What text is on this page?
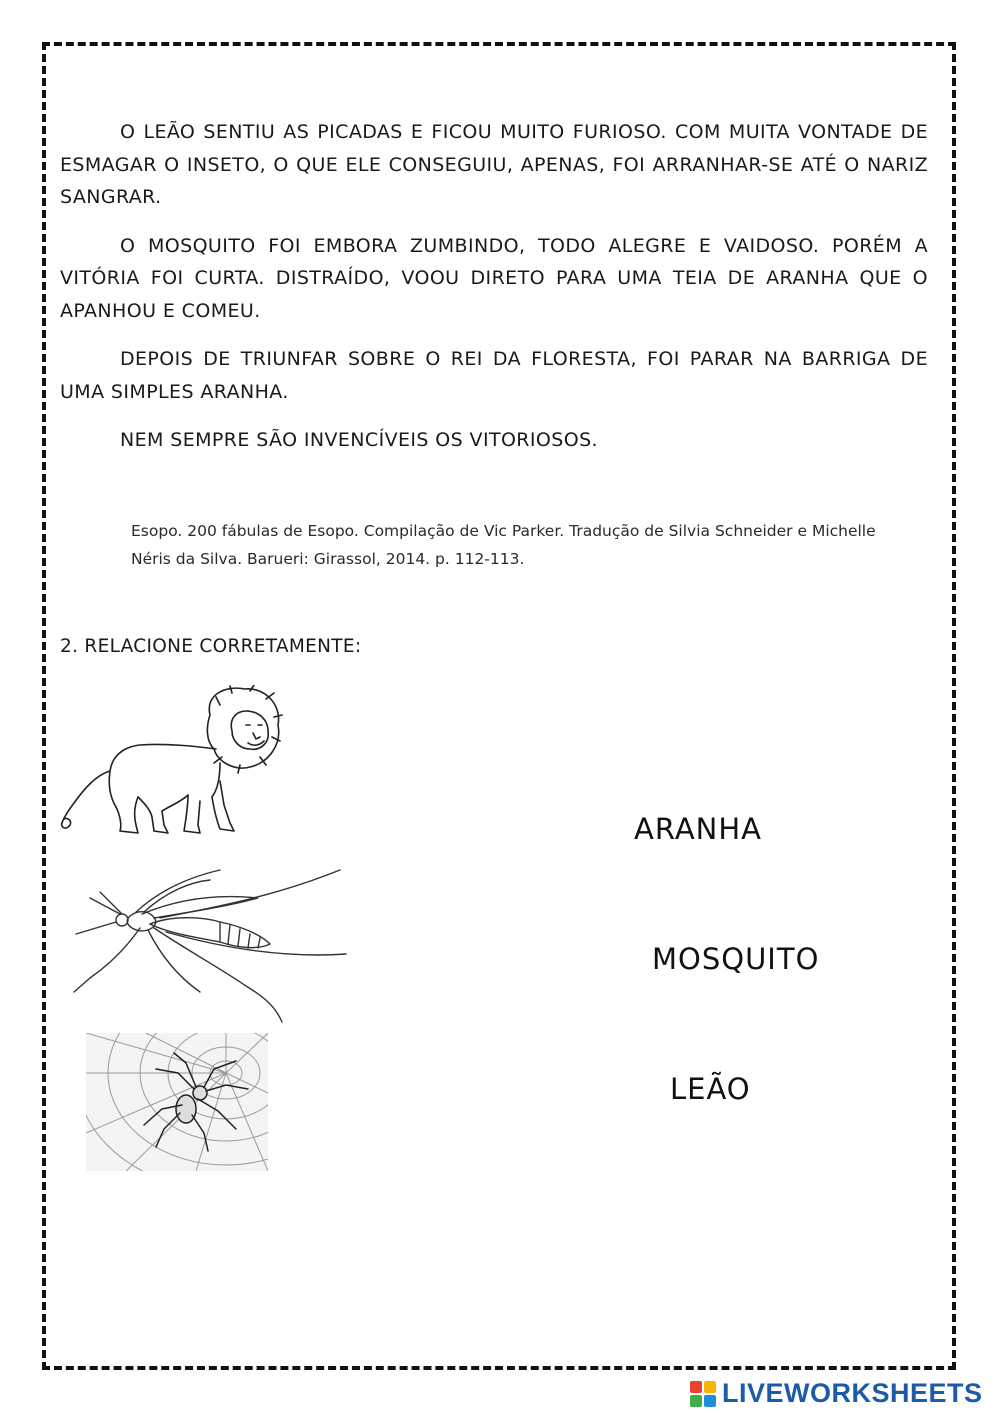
O LEÃO SENTIU AS PICADAS E FICOU MUITO FURIOSO. COM MUITA VONTADE DE ESMAGAR O INSETO, O QUE ELE CONSEGUIU, APENAS, FOI ARRANHAR-SE ATÉ O NARIZ SANGRAR.

O MOSQUITO FOI EMBORA ZUMBINDO, TODO ALEGRE E VAIDOSO. PORÉM A VITÓRIA FOI CURTA. DISTRAÍDO, VOOU DIRETO PARA UMA TEIA DE ARANHA QUE O APANHOU E COMEU.

DEPOIS DE TRIUNFAR SOBRE O REI DA FLORESTA, FOI PARAR NA BARRIGA DE UMA SIMPLES ARANHA.

NEM SEMPRE SÃO INVENCÍVEIS OS VITORIOSOS.

Esopo. 200 fábulas de Esopo. Compilação de Vic Parker. Tradução de Silvia Schneider e Michelle
Néris da Silva. Barueri: Girassol, 2014. p. 112-113.
2. RELACIONE CORRETAMENTE:
ARANHA
MOSQUITO
LEÃO
LIVEWORKSHEETS
